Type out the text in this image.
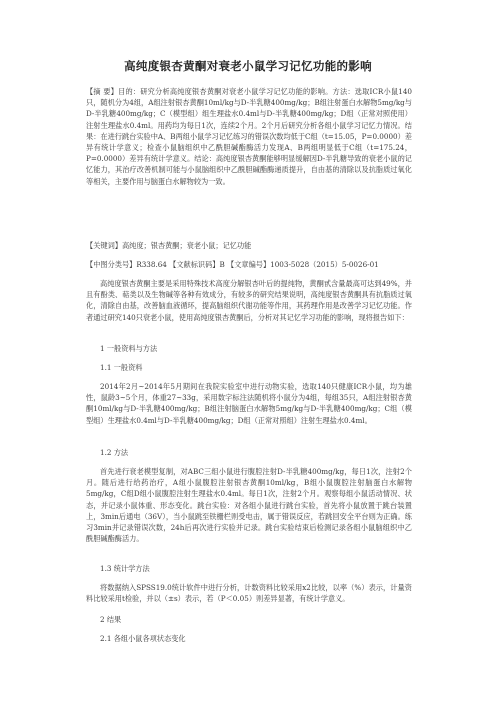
高纯度银杏黄酮对衰老小鼠学习记忆功能的影响

【摘 要】目的：研究分析高纯度银杏黄酮对衰老小鼠学习记忆功能的影响。方法：选取ICR小鼠140只，随机分为4组，A组注射银杏黄酮10ml/kg与D-半乳糖400mg/kg；B组注射蛋白水解物5mg/kg与D-半乳糖400mg/kg；C（模型组）组生理盐水0.4ml与D-半乳糖400mg/kg；D组（正常对照使用）注射生理盐水0.4ml。用药均为每日1次，连续2个月。2个月后研究分析各组小鼠学习记忆力情况。结果：在进行跳台实验中A、B两组小鼠学习记忆练习的错误次数均低于C组（t=15.05，P=0.0000）差异有统计学意义；检查小鼠脑组织中乙酰胆碱酯酶活力发现A、B两组明显低于C组（t=175.24，P=0.0000）差异有统计学意义。结论：高纯度银杏黄酮能够明显缓解因D-半乳糖导致的衰老小鼠的记忆能力，其治疗改善机制可能与小鼠脑组织中乙酰胆碱酯酶递质提升，自由基的清除以及抗脂质过氧化等相关，主要作用与脑蛋白水解物较为一致。

【关键词】高纯度；银杏黄酮；衰老小鼠；记忆功能

【中图分类号】R338.64 【文献标识码】B 【文章编号】1003-5028（2015）5-0026-01

高纯度银杏黄酮主要是采用特殊技术高度分解银杏叶后的提纯物，黄酮甙含量最高可达到49%，并且有酚类、萜类以及生物碱等各种有效成分，有较多的研究结果说明，高纯度银杏黄酮具有抗脂质过氧化，清除自由基，改善脑血液循环，提高脑组织代谢功能等作用，其药理作用是改善学习记忆功能。作者通过研究140只衰老小鼠，使用高纯度银杏黄酮后，分析对其记忆学习功能的影响，现将报告如下：

1 一般资料与方法

1.1 一般资料

2014年2月~2014年5月期间在我院实验室中进行动物实验，选取140只健康ICR小鼠，均为雄性，鼠龄3~5个月，体重27~33g，采用数字标注法随机将小鼠分为4组，每组35只，A组注射银杏黄酮10ml/kg与D-半乳糖400mg/kg；B组注射脑蛋白水解物5mg/kg与D-半乳糖400mg/kg；C组（模型组）生理盐水0.4ml与D-半乳糖400mg/kg；D组（正常对照组）注射生理盐水0.4ml。

1.2 方法

首先进行衰老模型复制，对ABC三组小鼠进行腹腔注射D-半乳糖400mg/kg，每日1次，注射2个月。随后进行给药治疗，A组小鼠腹腔注射银杏黄酮10ml/kg，B组小鼠腹腔注射脑蛋白水解物5mg/kg，C组D组小鼠腹腔注射生理盐水0.4ml。每日1次，注射2个月。观察每组小鼠活动情况、状态，并记录小鼠体重、形态变化。跳台实验：对各组小鼠进行跳台实验，首先将小鼠放置于跳台装置上，3min后通电（36V），当小鼠跳至铁栅栏则受电击，属于错误反应，若跳回安全平台则为正确。练习3min并记录错误次数，24h后再次进行实验并记录。跳台实验结束后检测记录各组小鼠脑组织中乙酰胆碱酯酶活力。

1.3 统计学方法

将数据纳入SPSS19.0统计软件中进行分析，计数资料比较采用x2比较，以率（%）表示，计量资料比较采用t检验，并以（±s）表示，若（P＜0.05）则差异显著，有统计学意义。

2 结果

2.1 各组小鼠各项状态变化
